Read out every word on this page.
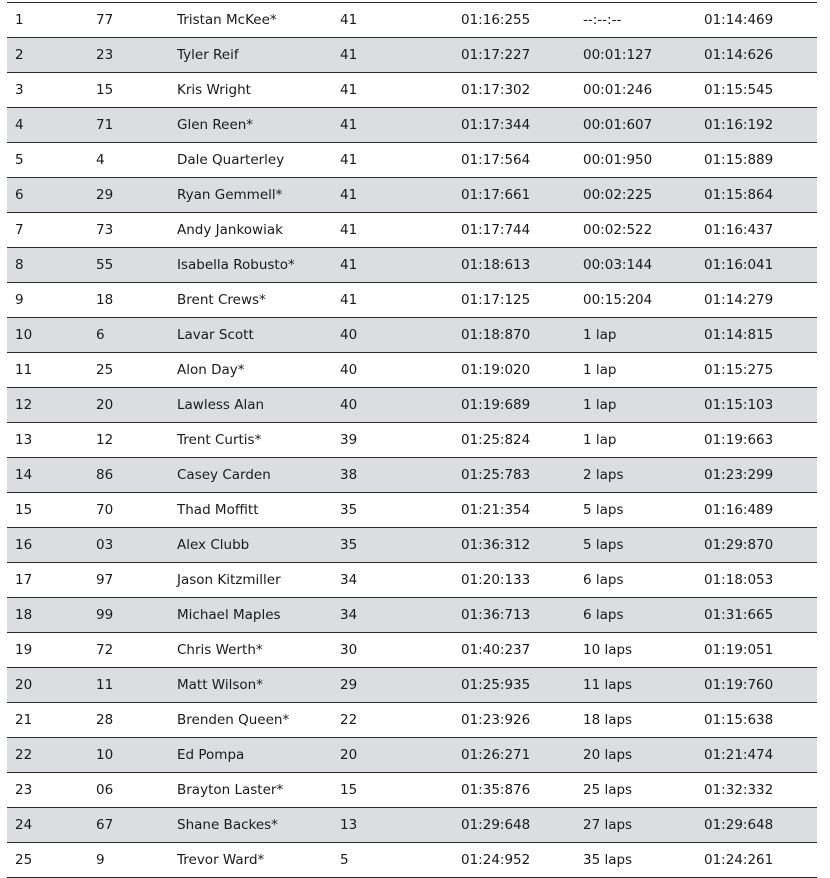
1	77	Tristan McKee*	41	01:16:255	--:--:--	01:14:469
2	23	Tyler Reif	41	01:17:227	00:01:127	01:14:626
3	15	Kris Wright	41	01:17:302	00:01:246	01:15:545
4	71	Glen Reen*	41	01:17:344	00:01:607	01:16:192
5	4	Dale Quarterley	41	01:17:564	00:01:950	01:15:889
6	29	Ryan Gemmell*	41	01:17:661	00:02:225	01:15:864
7	73	Andy Jankowiak	41	01:17:744	00:02:522	01:16:437
8	55	Isabella Robusto*	41	01:18:613	00:03:144	01:16:041
9	18	Brent Crews*	41	01:17:125	00:15:204	01:14:279
10	6	Lavar Scott	40	01:18:870	1 lap	01:14:815
11	25	Alon Day*	40	01:19:020	1 lap	01:15:275
12	20	Lawless Alan	40	01:19:689	1 lap	01:15:103
13	12	Trent Curtis*	39	01:25:824	1 lap	01:19:663
14	86	Casey Carden	38	01:25:783	2 laps	01:23:299
15	70	Thad Moffitt	35	01:21:354	5 laps	01:16:489
16	03	Alex Clubb	35	01:36:312	5 laps	01:29:870
17	97	Jason Kitzmiller	34	01:20:133	6 laps	01:18:053
18	99	Michael Maples	34	01:36:713	6 laps	01:31:665
19	72	Chris Werth*	30	01:40:237	10 laps	01:19:051
20	11	Matt Wilson*	29	01:25:935	11 laps	01:19:760
21	28	Brenden Queen*	22	01:23:926	18 laps	01:15:638
22	10	Ed Pompa	20	01:26:271	20 laps	01:21:474
23	06	Brayton Laster*	15	01:35:876	25 laps	01:32:332
24	67	Shane Backes*	13	01:29:648	27 laps	01:29:648
25	9	Trevor Ward*	5	01:24:952	35 laps	01:24:261
